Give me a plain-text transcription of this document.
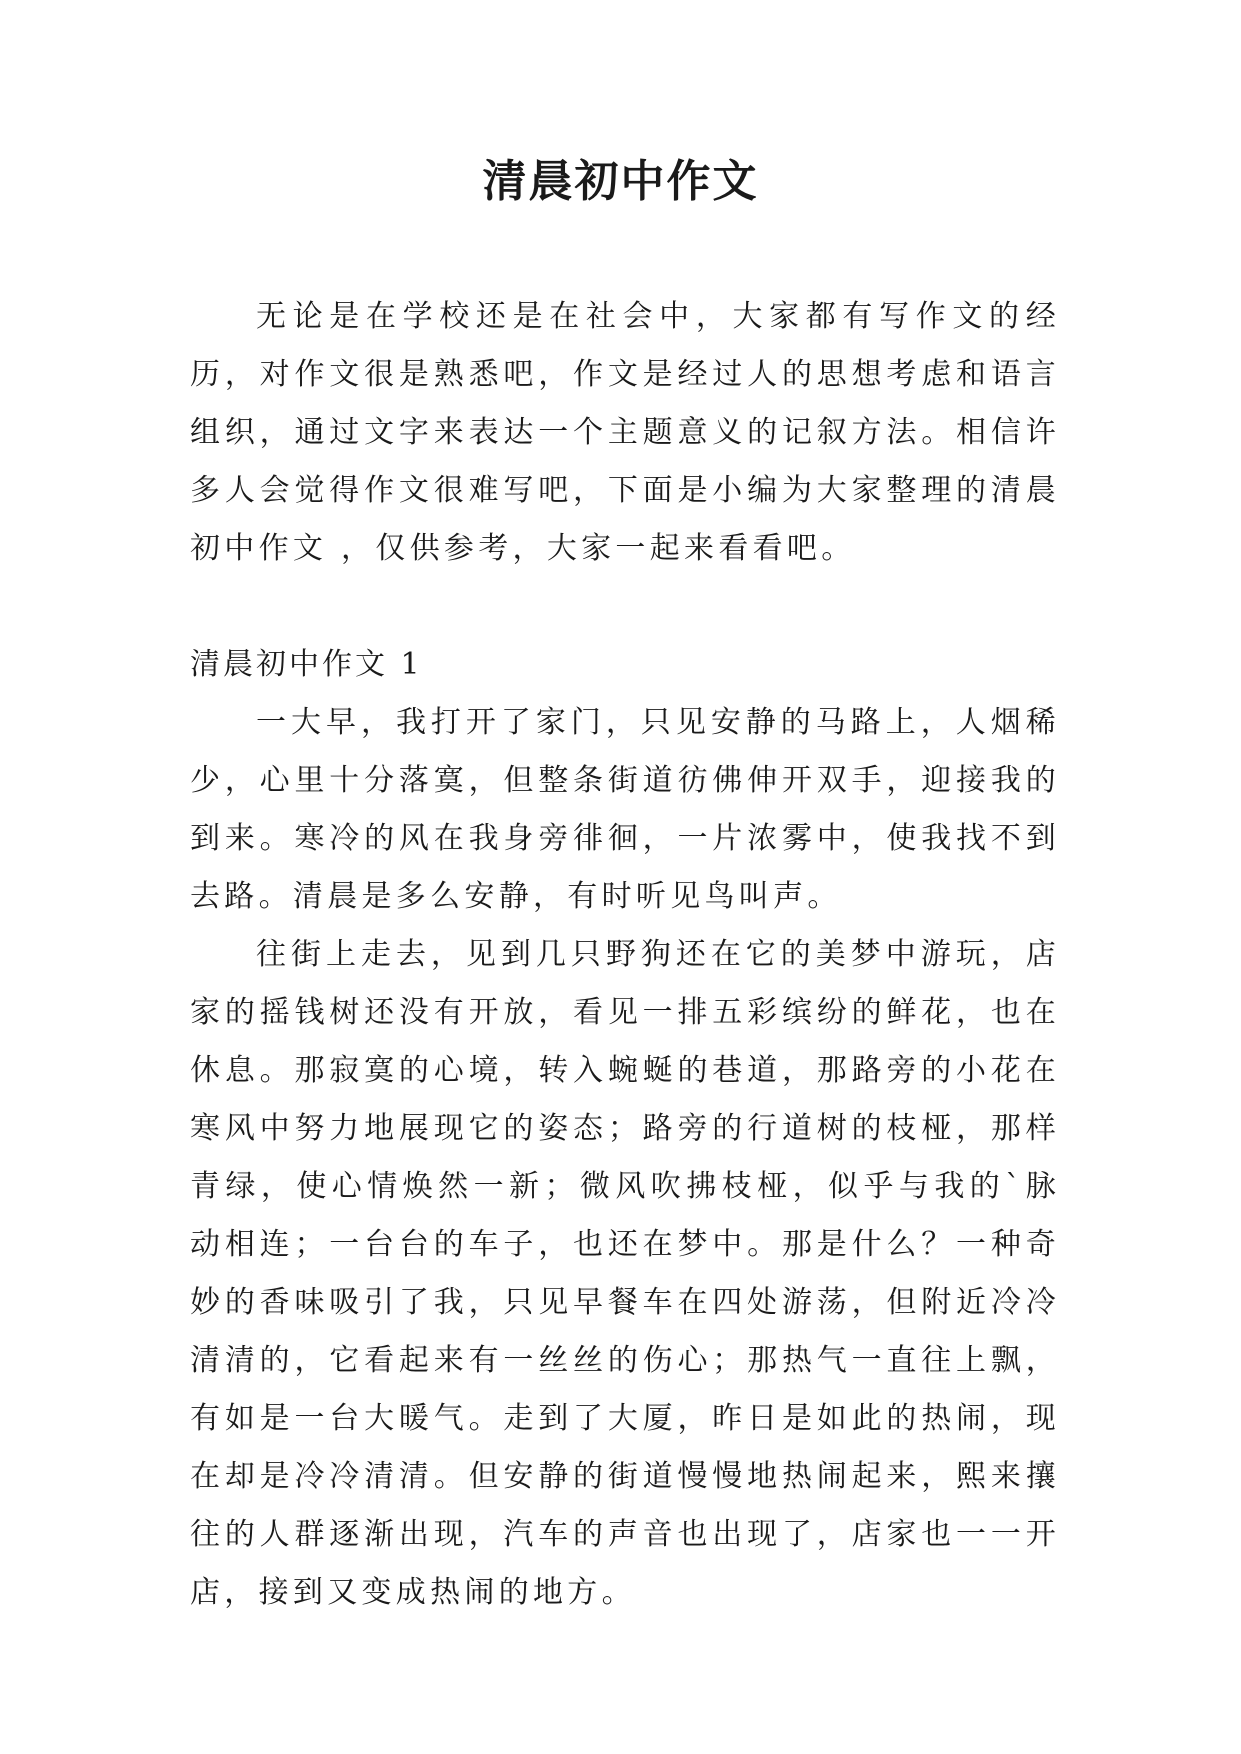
清晨初中作文

无论是在学校还是在社会中，大家都有写作文的经历，对作文很是熟悉吧，作文是经过人的思想考虑和语言组织，通过文字来表达一个主题意义的记叙方法。相信许多人会觉得作文很难写吧，下面是小编为大家整理的清晨初中作文 ，仅供参考，大家一起来看看吧。

清晨初中作文 1

一大早，我打开了家门，只见安静的马路上，人烟稀少，心里十分落寞，但整条街道彷佛伸开双手，迎接我的到来。寒冷的风在我身旁徘徊，一片浓雾中，使我找不到去路。清晨是多么安静，有时听见鸟叫声。

往街上走去，见到几只野狗还在它的美梦中游玩，店家的摇钱树还没有开放，看见一排五彩缤纷的鲜花，也在休息。那寂寞的心境，转入蜿蜒的巷道，那路旁的小花在寒风中努力地展现它的姿态；路旁的行道树的枝桠，那样青绿，使心情焕然一新；微风吹拂枝桠，似乎与我的`脉动相连；一台台的车子，也还在梦中。那是什么？一种奇妙的香味吸引了我，只见早餐车在四处游荡，但附近冷冷清清的，它看起来有一丝丝的伤心；那热气一直往上飘，有如是一台大暖气。走到了大厦，昨日是如此的热闹，现在却是冷冷清清。但安静的街道慢慢地热闹起来，熙来攘往的人群逐渐出现，汽车的声音也出现了，店家也一一开店，接到又变成热闹的地方。
